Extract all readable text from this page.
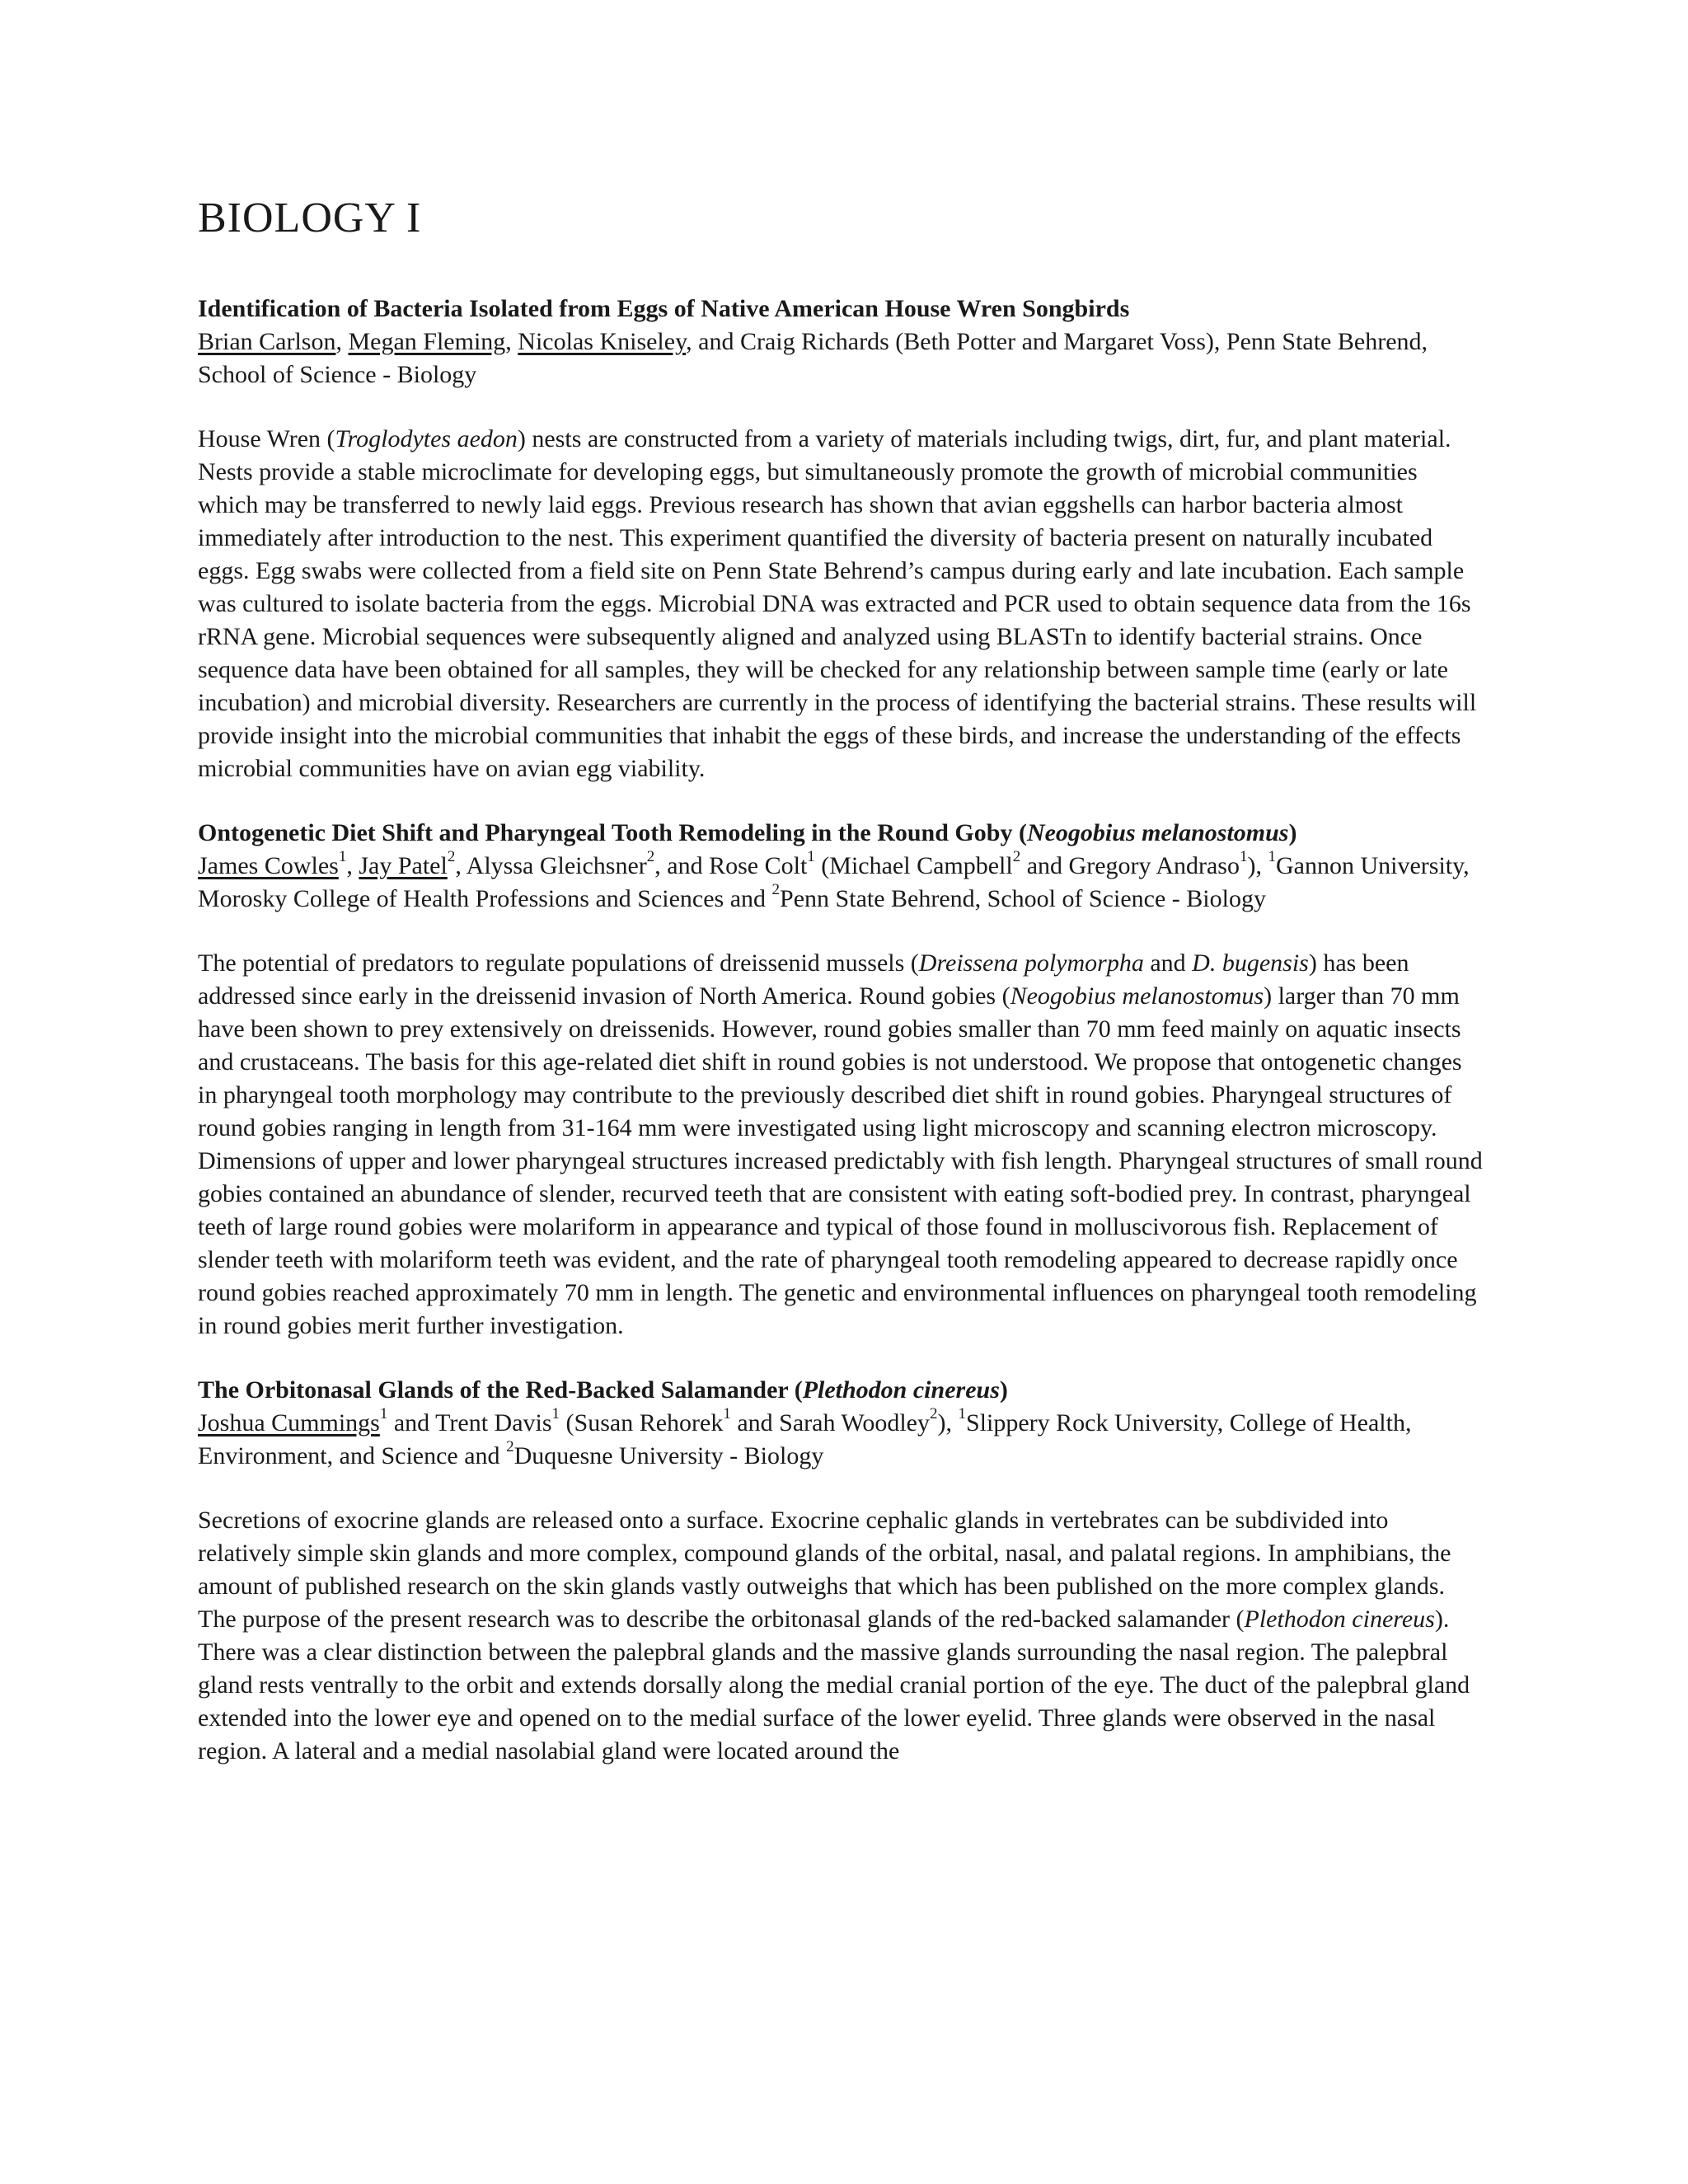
BIOLOGY I

Identification of Bacteria Isolated from Eggs of Native American House Wren Songbirds

Brian Carlson, Megan Fleming, Nicolas Kniseley, and Craig Richards (Beth Potter and Margaret Voss), Penn State Behrend, School of Science - Biology

House Wren (Troglodytes aedon) nests are constructed from a variety of materials including twigs, dirt, fur, and plant material. Nests provide a stable microclimate for developing eggs, but simultaneously promote the growth of microbial communities which may be transferred to newly laid eggs. Previous research has shown that avian eggshells can harbor bacteria almost immediately after introduction to the nest. This experiment quantified the diversity of bacteria present on naturally incubated eggs. Egg swabs were collected from a field site on Penn State Behrend’s campus during early and late incubation. Each sample was cultured to isolate bacteria from the eggs. Microbial DNA was extracted and PCR used to obtain sequence data from the 16s rRNA gene. Microbial sequences were subsequently aligned and analyzed using BLASTn to identify bacterial strains. Once sequence data have been obtained for all samples, they will be checked for any relationship between sample time (early or late incubation) and microbial diversity. Researchers are currently in the process of identifying the bacterial strains. These results will provide insight into the microbial communities that inhabit the eggs of these birds, and increase the understanding of the effects microbial communities have on avian egg viability.

Ontogenetic Diet Shift and Pharyngeal Tooth Remodeling in the Round Goby (Neogobius melanostomus)

James Cowles$^1$, Jay Patel$^2$, Alyssa Gleichsner$^2$, and Rose Colt$^1$ (Michael Campbell$^2$ and Gregory Andraso$^1$), $^1$Gannon University, Morosky College of Health Professions and Sciences and $^2$Penn State Behrend, School of Science - Biology

The potential of predators to regulate populations of dreissenid mussels (Dreissena polymorpha and D. bugensis) has been addressed since early in the dreissenid invasion of North America. Round gobies (Neogobius melanostomus) larger than 70 mm have been shown to prey extensively on dreissenids. However, round gobies smaller than 70 mm feed mainly on aquatic insects and crustaceans. The basis for this age-related diet shift in round gobies is not understood. We propose that ontogenetic changes in pharyngeal tooth morphology may contribute to the previously described diet shift in round gobies. Pharyngeal structures of round gobies ranging in length from 31-164 mm were investigated using light microscopy and scanning electron microscopy. Dimensions of upper and lower pharyngeal structures increased predictably with fish length. Pharyngeal structures of small round gobies contained an abundance of slender, recurved teeth that are consistent with eating soft-bodied prey. In contrast, pharyngeal teeth of large round gobies were molariform in appearance and typical of those found in molluscivorous fish. Replacement of slender teeth with molariform teeth was evident, and the rate of pharyngeal tooth remodeling appeared to decrease rapidly once round gobies reached approximately 70 mm in length. The genetic and environmental influences on pharyngeal tooth remodeling in round gobies merit further investigation.

The Orbitonasal Glands of the Red-Backed Salamander (Plethodon cinereus)

Joshua Cummings$^1$ and Trent Davis$^1$ (Susan Rehorek$^1$ and Sarah Woodley$^2$), $^1$Slippery Rock University, College of Health, Environment, and Science and $^2$Duquesne University - Biology

Secretions of exocrine glands are released onto a surface. Exocrine cephalic glands in vertebrates can be subdivided into relatively simple skin glands and more complex, compound glands of the orbital, nasal, and palatal regions. In amphibians, the amount of published research on the skin glands vastly outweighs that which has been published on the more complex glands. The purpose of the present research was to describe the orbitonasal glands of the red-backed salamander (Plethodon cinereus). There was a clear distinction between the palepbral glands and the massive glands surrounding the nasal region. The palepbral gland rests ventrally to the orbit and extends dorsally along the medial cranial portion of the eye. The duct of the palepbral gland extended into the lower eye and opened on to the medial surface of the lower eyelid. Three glands were observed in the nasal region. A lateral and a medial nasolabial gland were located around the
